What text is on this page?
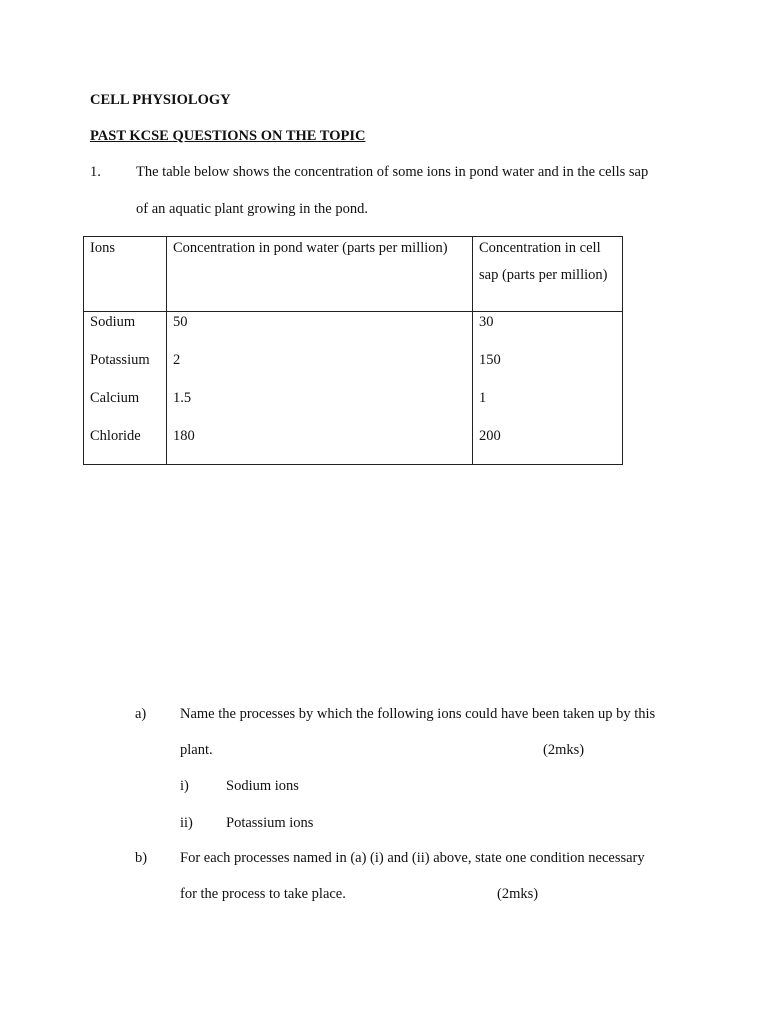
CELL PHYSIOLOGY
PAST KCSE QUESTIONS ON THE TOPIC
1. The table below shows the concentration of some ions in pond water and in the cells sap
of an aquatic plant growing in the pond.
Ions	Concentration in pond water (parts per million)	Concentration in cell
sap (parts per million)

Sodium	50	30
Potassium	2	150
Calcium	1.5	1
Chloride	180	200
a) Name the processes by which the following ions could have been taken up by this
plant.	(2mks)
i)	Sodium ions
ii) Potassium ions
b) For each processes named in (a) (i) and (ii) above, state one condition necessary
for the process to take place.	(2mks)
